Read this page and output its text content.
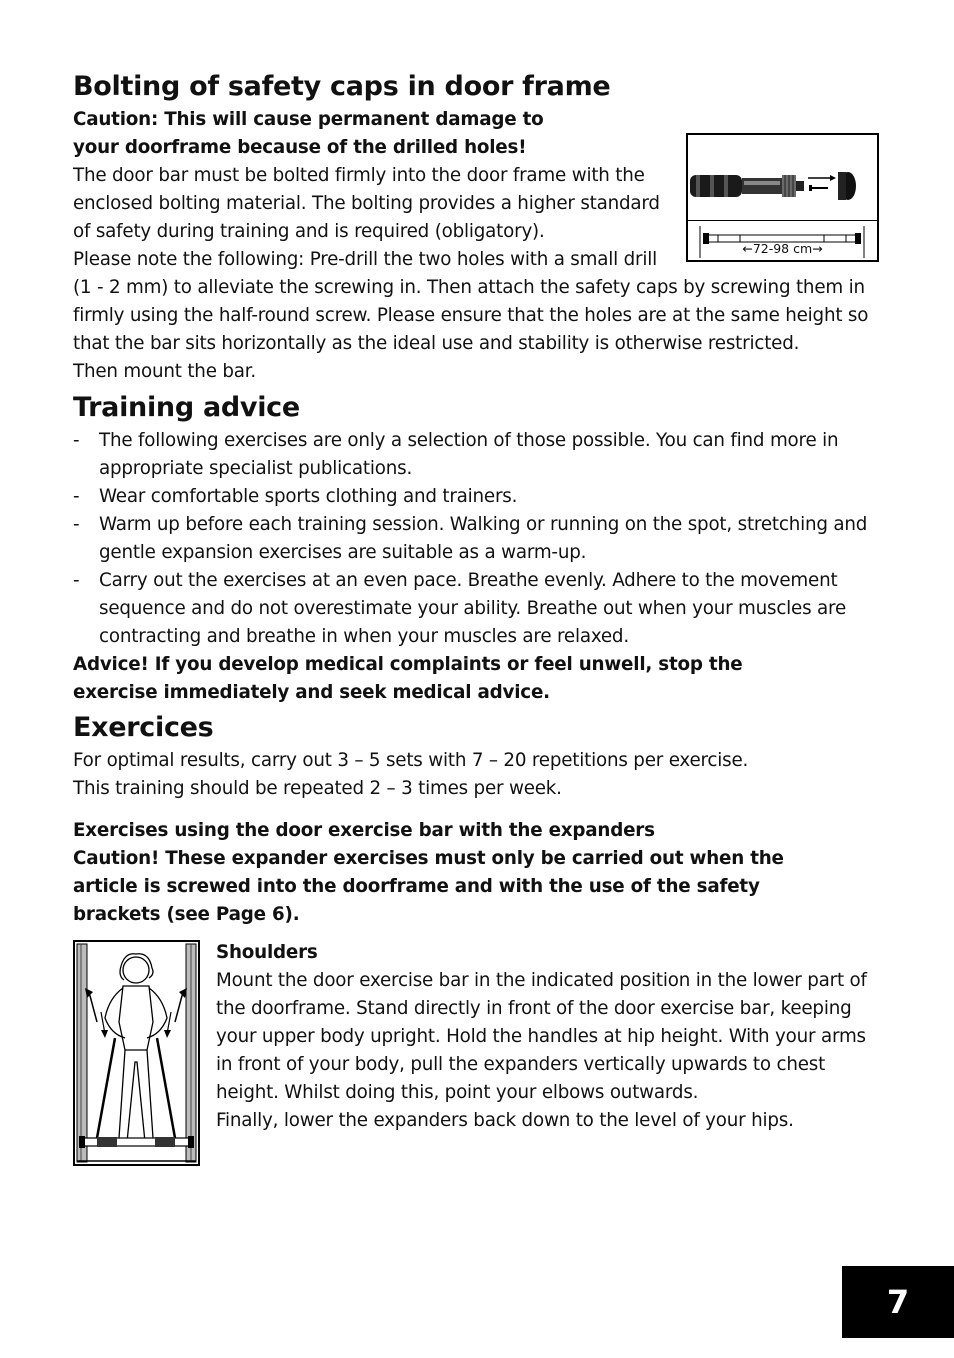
Bolting of safety caps in door frame

Caution: This will cause permanent damage to

your doorframe because of the drilled holes!

The door bar must be bolted firmly into the door frame with the

enclosed bolting material. The bolting provides a higher standard

of safety during training and is required (obligatory).

Please note the following: Pre-drill the two holes with a small drill

(1 - 2 mm) to alleviate the screwing in. Then attach the safety caps by screwing them in

firmly using the half-round screw. Please ensure that the holes are at the same height so

that the bar sits horizontally as the ideal use and stability is otherwise restricted.

Then mount the bar.

←72-98 cm→
Training advice
- The following exercises are only a selection of those possible. You can find more in
appropriate specialist publications.
- Wear comfortable sports clothing and trainers.
- Warm up before each training session. Walking or running on the spot, stretching and
gentle expansion exercises are suitable as a warm-up.
- Carry out the exercises at an even pace. Breathe evenly. Adhere to the movement
sequence and do not overestimate your ability. Breathe out when your muscles are
contracting and breathe in when your muscles are relaxed.

Advice! If you develop medical complaints or feel unwell, stop the

exercise immediately and seek medical advice.

Exercices

For optimal results, carry out 3 – 5 sets with 7 – 20 repetitions per exercise.

This training should be repeated 2 – 3 times per week.

Exercises using the door exercise bar with the expanders

Caution! These expander exercises must only be carried out when the

article is screwed into the doorframe and with the use of the safety

brackets (see Page 6).

Shoulders

Mount the door exercise bar in the indicated position in the lower part of

the doorframe. Stand directly in front of the door exercise bar, keeping

your upper body upright. Hold the handles at hip height. With your arms

in front of your body, pull the expanders vertically upwards to chest

height. Whilst doing this, point your elbows outwards.

Finally, lower the expanders back down to the level of your hips.

7
